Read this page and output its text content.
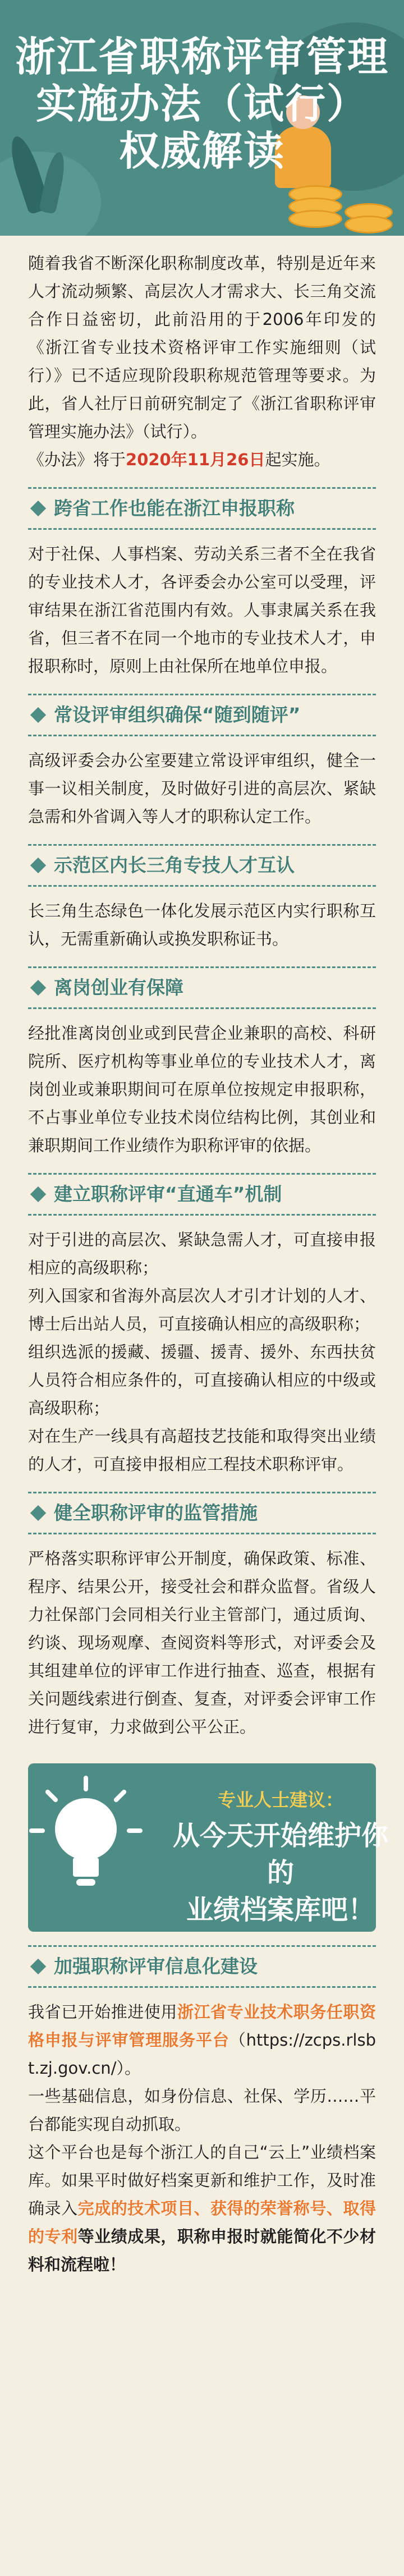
浙江省职称评审管理
实施办法（试行）
权威解读

随着我省不断深化职称制度改革，特别是近年来人才流动频繁、高层次人才需求大、长三角交流合作日益密切，此前沿用的于2006年印发的《浙江省专业技术资格评审工作实施细则（试行）》已不适应现阶段职称规范管理等要求。为此，省人社厅日前研究制定了《浙江省职称评审管理实施办法》（试行）。

《办法》将于2020年11月26日起实施。

跨省工作也能在浙江申报职称

对于社保、人事档案、劳动关系三者不全在我省的专业技术人才，各评委会办公室可以受理，评审结果在浙江省范围内有效。人事隶属关系在我省，但三者不在同一个地市的专业技术人才，申报职称时，原则上由社保所在地单位申报。

常设评审组织确保“随到随评”

高级评委会办公室要建立常设评审组织，健全一事一议相关制度，及时做好引进的高层次、紧缺急需和外省调入等人才的职称认定工作。

示范区内长三角专技人才互认

长三角生态绿色一体化发展示范区内实行职称互认，无需重新确认或换发职称证书。

离岗创业有保障

经批准离岗创业或到民营企业兼职的高校、科研院所、医疗机构等事业单位的专业技术人才，离岗创业或兼职期间可在原单位按规定申报职称，不占事业单位专业技术岗位结构比例，其创业和兼职期间工作业绩作为职称评审的依据。

建立职称评审“直通车”机制

对于引进的高层次、紧缺急需人才，可直接申报相应的高级职称；

列入国家和省海外高层次人才引才计划的人才、博士后出站人员，可直接确认相应的高级职称；

组织选派的援藏、援疆、援青、援外、东西扶贫人员符合相应条件的，可直接确认相应的中级或高级职称；

对在生产一线具有高超技艺技能和取得突出业绩的人才，可直接申报相应工程技术职称评审。

健全职称评审的监管措施

严格落实职称评审公开制度，确保政策、标准、程序、结果公开，接受社会和群众监督。省级人力社保部门会同相关行业主管部门，通过质询、约谈、现场观摩、查阅资料等形式，对评委会及其组建单位的评审工作进行抽查、巡查，根据有关问题线索进行倒查、复查，对评委会评审工作进行复审，力求做到公平公正。

专业人士建议：
从今天开始维护你的
业绩档案库吧！
加强职称评审信息化建设

我省已开始推进使用浙江省专业技术职务任职资格申报与评审管理服务平台（https://zcps.rlsbt.zj.gov.cn/）。

一些基础信息，如身份信息、社保、学历……平台都能实现自动抓取。

这个平台也是每个浙江人的自己“云上”业绩档案库。如果平时做好档案更新和维护工作，及时准确录入完成的技术项目、获得的荣誉称号、取得的专利等业绩成果，职称申报时就能简化不少材料和流程啦！
